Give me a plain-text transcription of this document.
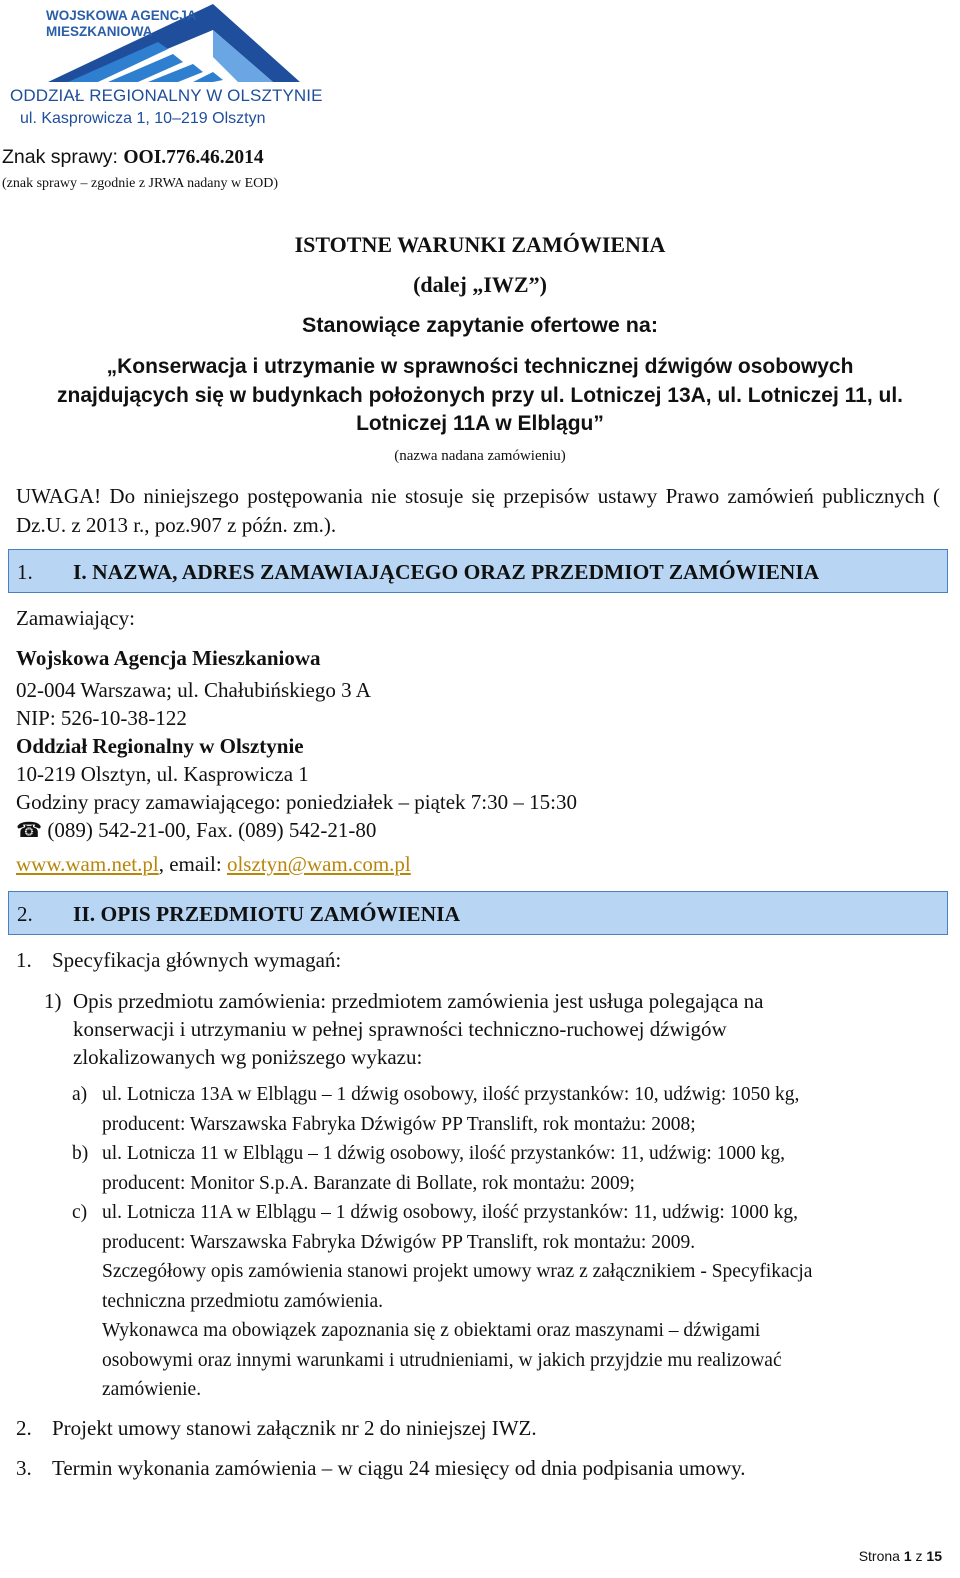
WOJSKOWA AGENCJA MIESZKANIOWA
ODDZIAŁ REGIONALNY W OLSZTYNIE
ul. Kasprowicza 1, 10–219 Olsztyn
Znak sprawy: OOI.776.46.2014
(znak sprawy – zgodnie z JRWA nadany w EOD)
ISTOTNE WARUNKI ZAMÓWIENIA
(dalej „IWZ”)
Stanowiące zapytanie ofertowe na:
„Konserwacja i utrzymanie w sprawności technicznej dźwigów osobowych
znajdujących się w budynkach położonych przy ul. Lotniczej 13A, ul. Lotniczej 11, ul.
Lotniczej 11A w Elblągu”
(nazwa nadana zamówieniu)
UWAGA! Do niniejszego postępowania nie stosuje się przepisów ustawy Prawo zamówień publicznych ( Dz.U. z 2013 r., poz.907 z późn. zm.).
1. I. NAZWA, ADRES ZAMAWIAJĄCEGO ORAZ PRZEDMIOT ZAMÓWIENIA
Zamawiający:
Wojskowa Agencja Mieszkaniowa
02-004 Warszawa; ul. Chałubińskiego 3 A
NIP: 526-10-38-122
Oddział Regionalny w Olsztynie
10-219 Olsztyn, ul. Kasprowicza 1
Godziny pracy zamawiającego: poniedziałek – piątek 7:30 – 15:30
☎ (089) 542-21-00, Fax. (089) 542-21-80
www.wam.net.pl, email: olsztyn@wam.com.pl
2. II. OPIS PRZEDMIOTU ZAMÓWIENIA
1. Specyfikacja głównych wymagań:
1) Opis przedmiotu zamówienia: przedmiotem zamówienia jest usługa polegająca na
konserwacji i utrzymaniu w pełnej sprawności techniczno-ruchowej dźwigów
zlokalizowanych wg poniższego wykazu:
a) ul. Lotnicza 13A w Elblągu – 1 dźwig osobowy, ilość przystanków: 10, udźwig: 1050 kg,
producent: Warszawska Fabryka Dźwigów PP Translift, rok montażu: 2008;
b) ul. Lotnicza 11 w Elblągu – 1 dźwig osobowy, ilość przystanków: 11, udźwig: 1000 kg,
producent: Monitor S.p.A. Baranzate di Bollate, rok montażu: 2009;
c) ul. Lotnicza 11A w Elblągu – 1 dźwig osobowy, ilość przystanków: 11, udźwig: 1000 kg,
producent: Warszawska Fabryka Dźwigów PP Translift, rok montażu: 2009.
Szczegółowy opis zamówienia stanowi projekt umowy wraz z załącznikiem - Specyfikacja
techniczna przedmiotu zamówienia.
Wykonawca ma obowiązek zapoznania się z obiektami oraz maszynami – dźwigami
osobowymi oraz innymi warunkami i utrudnieniami, w jakich przyjdzie mu realizować
zamówienie.
2. Projekt umowy stanowi załącznik nr 2 do niniejszej IWZ.
3. Termin wykonania zamówienia – w ciągu 24 miesięcy od dnia podpisania umowy.
Strona 1 z 15
